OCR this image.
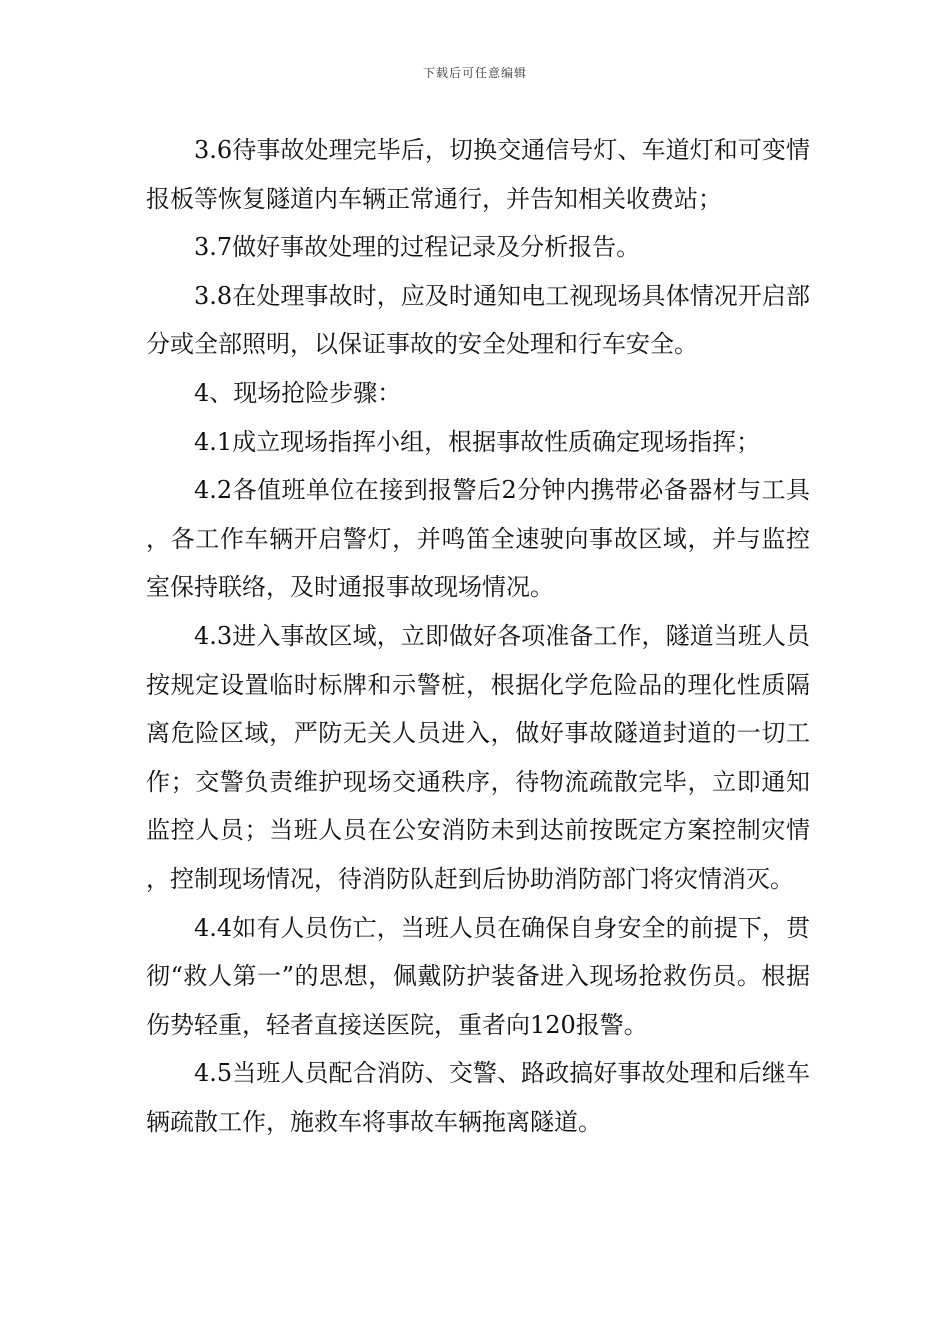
下载后可任意编辑

3.6待事故处理完毕后，切换交通信号灯、车道灯和可变情报板等恢复隧道内车辆正常通行，并告知相关收费站；

3.7做好事故处理的过程记录及分析报告。

3.8在处理事故时，应及时通知电工视现场具体情况开启部分或全部照明，以保证事故的安全处理和行车安全。

4、现场抢险步骤：

4.1成立现场指挥小组，根据事故性质确定现场指挥；

4.2各值班单位在接到报警后2分钟内携带必备器材与工具，各工作车辆开启警灯，并鸣笛全速驶向事故区域，并与监控室保持联络，及时通报事故现场情况。

4.3进入事故区域，立即做好各项准备工作，隧道当班人员按规定设置临时标牌和示警桩，根据化学危险品的理化性质隔离危险区域，严防无关人员进入，做好事故隧道封道的一切工作；交警负责维护现场交通秩序，待物流疏散完毕，立即通知监控人员；当班人员在公安消防未到达前按既定方案控制灾情，控制现场情况，待消防队赶到后协助消防部门将灾情消灭。

4.4如有人员伤亡，当班人员在确保自身安全的前提下，贯彻“救人第一”的思想，佩戴防护装备进入现场抢救伤员。根据伤势轻重，轻者直接送医院，重者向120报警。

4.5当班人员配合消防、交警、路政搞好事故处理和后继车辆疏散工作，施救车将事故车辆拖离隧道。
